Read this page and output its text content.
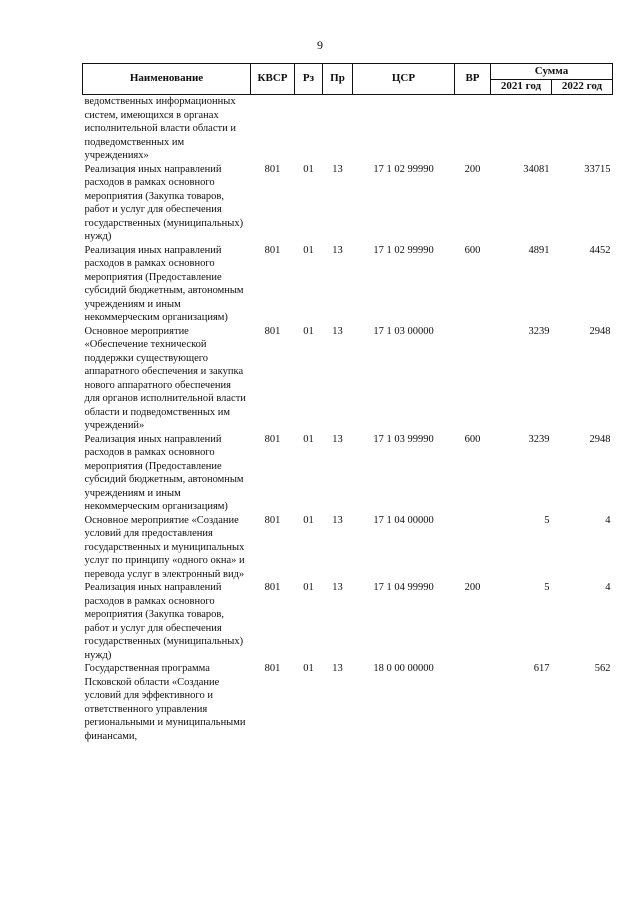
9
Наименование	КВСР	Рз	Пр	ЦСР	ВР	Сумма	
						2021 год	2022 год
ведомственных информационных систем, имеющихся в органах исполнительной власти области и подведомственных им учреждениях»							
Реализация иных направлений расходов в рамках основного мероприятия (Закупка товаров, работ и услуг для обеспечения государственных (муниципальных) нужд)	801	01	13	17 1 02 99990	200	34081	33715
Реализация иных направлений расходов в рамках основного мероприятия (Предоставление субсидий бюджетным, автономным учреждениям и иным некоммерческим организациям)	801	01	13	17 1 02 99990	600	4891	4452
Основное мероприятие «Обеспечение технической поддержки существующего аппаратного обеспечения и закупка нового аппаратного обеспечения для органов исполнительной власти области и подведомственных им учреждений»	801	01	13	17 1 03 00000		3239	2948
Реализация иных направлений расходов в рамках основного мероприятия (Предоставление субсидий бюджетным, автономным учреждениям и иным некоммерческим организациям)	801	01	13	17 1 03 99990	600	3239	2948
Основное мероприятие «Создание условий для предоставления государственных и муниципальных услуг по принципу «одного окна» и перевода услуг в электронный вид»	801	01	13	17 1 04 00000		5	4
Реализация иных направлений расходов в рамках основного мероприятия (Закупка товаров, работ и услуг для обеспечения государственных (муниципальных) нужд)	801	01	13	17 1 04 99990	200	5	4
Государственная программа Псковской области «Создание условий для эффективного и ответственного управления региональными и муниципальными финансами,	801	01	13	18 0 00 00000		617	562
